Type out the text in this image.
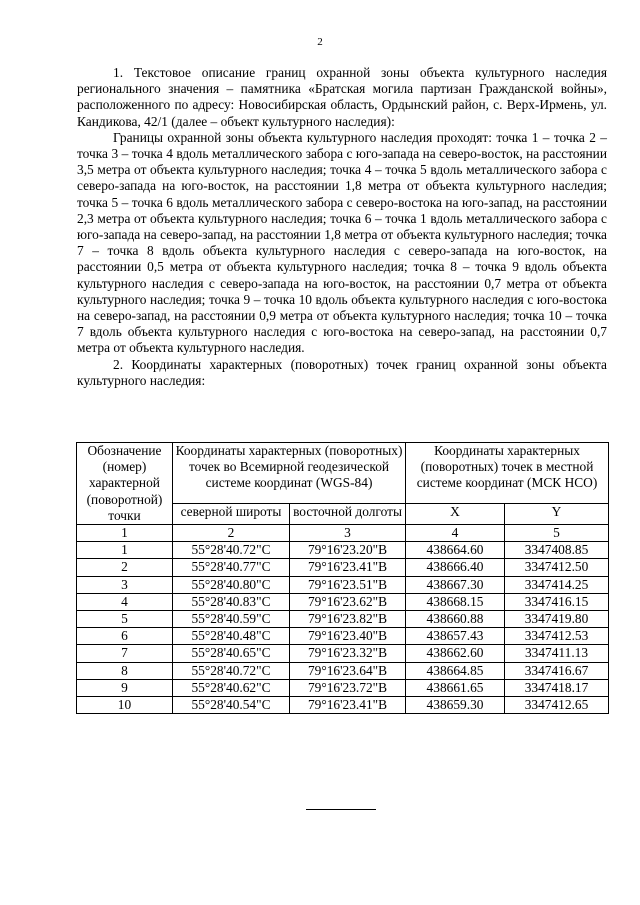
2

1. Текстовое описание границ охранной зоны объекта культурного наследия регионального значения – памятника «Братская могила партизан Гражданской войны», расположенного по адресу: Новосибирская область, Ордынский район, с. Верх-Ирмень, ул. Кандикова, 42/1 (далее – объект культурного наследия):

Границы охранной зоны объекта культурного наследия проходят: точка 1 – точка 2 – точка 3 – точка 4 вдоль металлического забора с юго-запада на северо-восток, на расстоянии 3,5 метра от объекта культурного наследия; точка 4 – точка 5 вдоль металлического забора с северо-запада на юго-восток, на расстоянии 1,8 метра от объекта культурного наследия; точка 5 – точка 6 вдоль металлического забора с северо-востока на юго-запад, на расстоянии 2,3 метра от объекта культурного наследия; точка 6 – точка 1 вдоль металлического забора с юго-запада на северо-запад, на расстоянии 1,8 метра от объекта культурного наследия; точка 7 – точка 8 вдоль объекта культурного наследия с северо-запада на юго-восток, на расстоянии 0,5 метра от объекта культурного наследия; точка 8 – точка 9 вдоль объекта культурного наследия с северо-запада на юго-восток, на расстоянии 0,7 метра от объекта культурного наследия; точка 9 – точка 10 вдоль объекта культурного наследия с юго-востока на северо-запад, на расстоянии 0,9 метра от объекта культурного наследия; точка 10 – точка 7 вдоль объекта культурного наследия с юго-востока на северо-запад, на расстоянии 0,7 метра от объекта культурного наследия.

2. Координаты характерных (поворотных) точек границ охранной зоны объекта культурного наследия:

Обозначение (номер) характерной (поворотной) точки	Координаты характерных (поворотных) точек во Всемирной геодезической системе координат (WGS-84)		Координаты характерных (поворотных) точек в местной системе координат (МСК НСО)	
	северной широты	восточной долготы	X	Y
1	2	3	4	5
1	55°28'40.72"С	79°16'23.20"В	438664.60	3347408.85
2	55°28'40.77"С	79°16'23.41"В	438666.40	3347412.50
3	55°28'40.80"С	79°16'23.51"В	438667.30	3347414.25
4	55°28'40.83"С	79°16'23.62"В	438668.15	3347416.15
5	55°28'40.59"С	79°16'23.82"В	438660.88	3347419.80
6	55°28'40.48"С	79°16'23.40"В	438657.43	3347412.53
7	55°28'40.65"С	79°16'23.32"В	438662.60	3347411.13
8	55°28'40.72"С	79°16'23.64"В	438664.85	3347416.67
9	55°28'40.62"С	79°16'23.72"В	438661.65	3347418.17
10	55°28'40.54"С	79°16'23.41"В	438659.30	3347412.65
